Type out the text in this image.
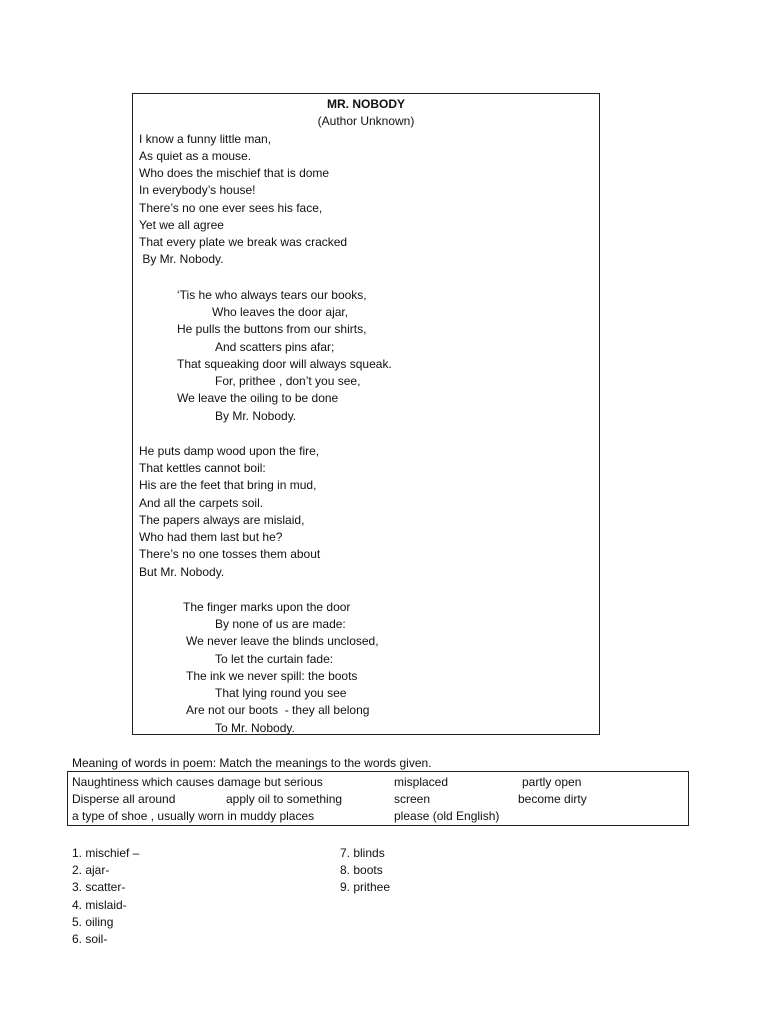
MR. NOBODY
(Author Unknown)
I know a funny little man,
As quiet as a mouse.
Who does the mischief that is dome
In everybody’s house!
There’s no one ever sees his face,
Yet we all agree
That every plate we break was cracked
By Mr. Nobody.
‘Tis he who always tears our books,
Who leaves the door ajar,
He pulls the buttons from our shirts,
And scatters pins afar;
That squeaking door will always squeak.
For, prithee , don’t you see,
We leave the oiling to be done
By Mr. Nobody.
He puts damp wood upon the fire,
That kettles cannot boil:
His are the feet that bring in mud,
And all the carpets soil.
The papers always are mislaid,
Who had them last but he?
There’s no one tosses them about
But Mr. Nobody.
The finger marks upon the door
By none of us are made:
We never leave the blinds unclosed,
To let the curtain fade:
The ink we never spill: the boots
That lying round you see
Are not our boots  - they all belong
To Mr. Nobody.
Meaning of words in poem: Match the meanings to the words given.
Naughtiness which causes damage but serious	misplaced	partly open
Disperse all around	apply oil to something	screen	become dirty
a type of shoe , usually worn in muddy places	please (old English)
1. mischief –
2. ajar-
3. scatter-
4. mislaid-
5. oiling
6. soil-
7. blinds
8. boots
9. prithee
